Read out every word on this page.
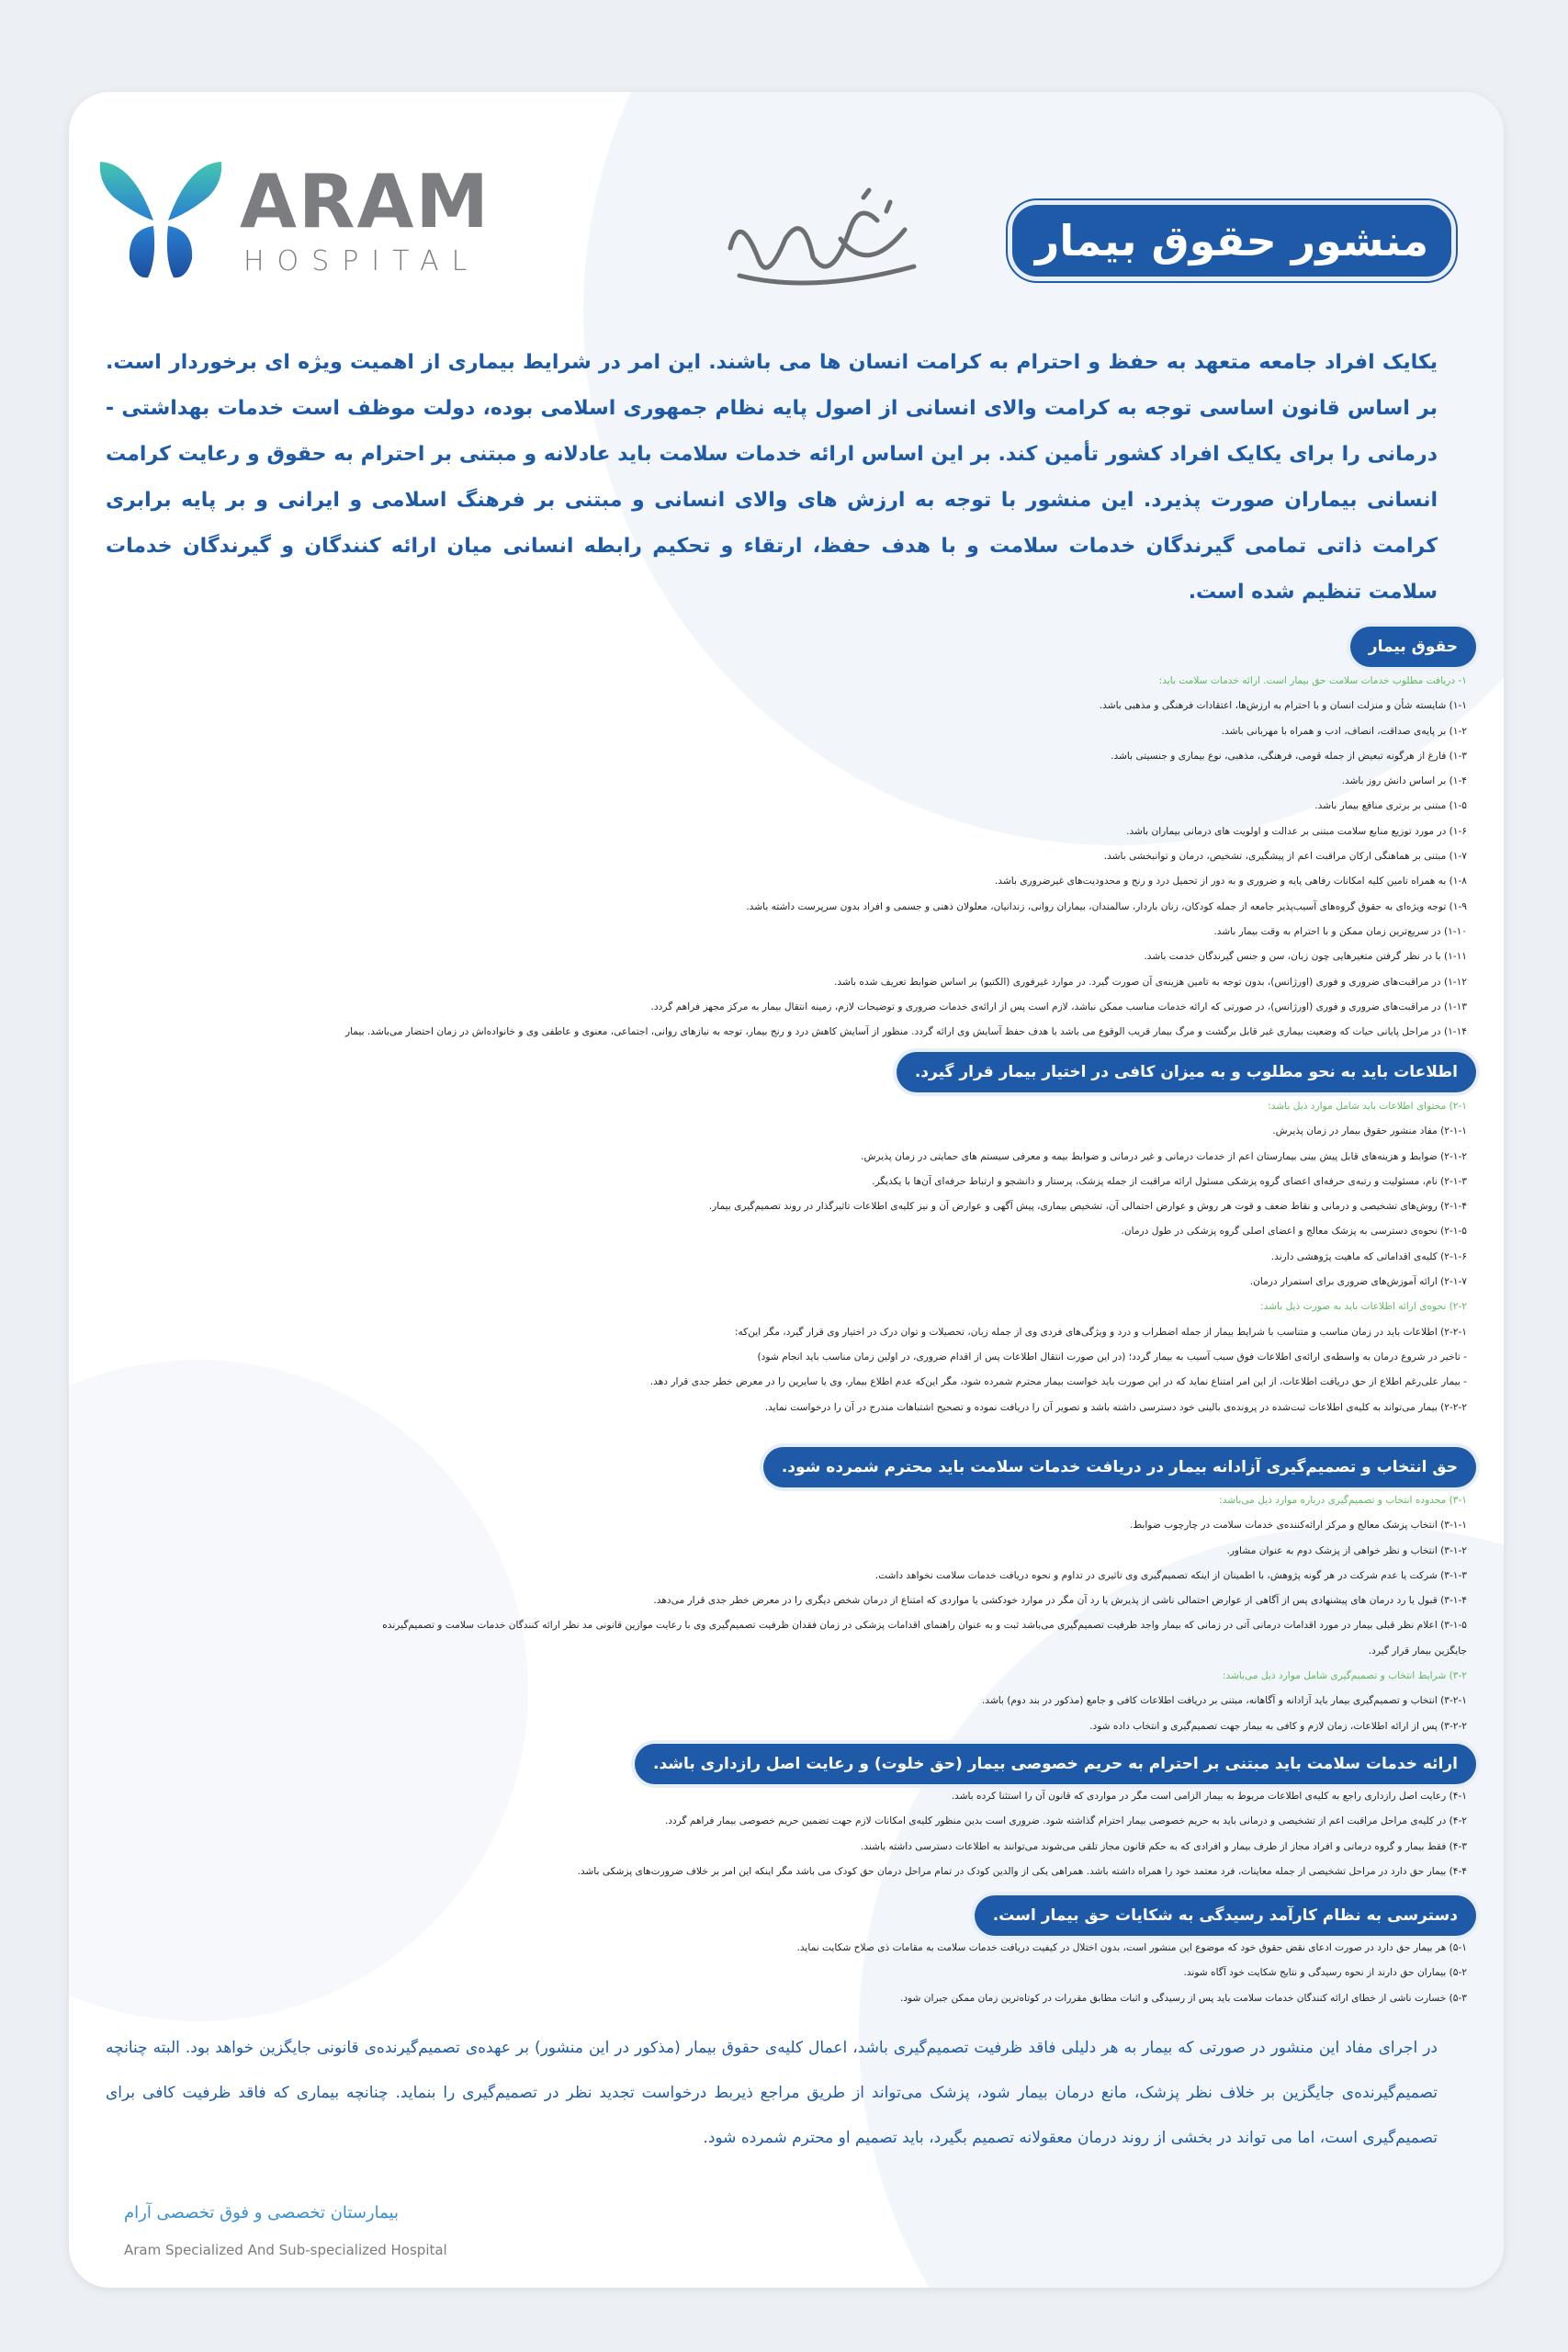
ARAM
HOSPITAL	منشور حقوق بیمار
یکایک افراد جامعه متعهد به حفظ و احترام به کرامت انسان ها می باشند. این امر در شرایط بیماری از اهمیت ویژه ای برخوردار است. بر اساس قانون اساسی توجه به کرامت والای انسانی از اصول پایه نظام جمهوری اسلامی بوده، دولت موظف است خدمات بهداشتی - درمانی را برای یکایک افراد کشور تأمین کند. بر این اساس ارائه خدمات سلامت باید عادلانه و مبتنی بر احترام به حقوق و رعایت کرامت انسانی بیماران صورت پذیرد. این منشور با توجه به ارزش های والای انسانی و مبتنی بر فرهنگ اسلامی و ایرانی و بر پایه برابری کرامت ذاتی تمامی گیرندگان خدمات سلامت و با هدف حفظ، ارتقاء و تحکیم رابطه انسانی میان ارائه کنندگان و گیرندگان خدمات سلامت تنظیم شده است.
حقوق بیمار
۱- دریافت مطلوب خدمات سلامت حق بیمار است. ارائه خدمات سلامت باید:
۱-۱) شایسته شأن و منزلت انسان و با احترام به ارزش‌ها، اعتقادات فرهنگی و مذهبی باشد.
۱-۲) بر پایه‌ی صداقت، انصاف، ادب و همراه با مهربانی باشد.
۱-۳) فارغ از هرگونه تبعیض از جمله قومی، فرهنگی، مذهبی، نوع بیماری و جنسیتی باشد.
۱-۴) بر اساس دانش روز باشد.
۱-۵) مبتنی بر برتری منافع بیمار باشد.
۱-۶) در مورد توزیع منابع سلامت مبتنی بر عدالت و اولویت های درمانی بیماران باشد.
۱-۷) مبتنی بر هماهنگی ارکان مراقبت اعم از پیشگیری، تشخیص، درمان و توانبخشی باشد.
۱-۸) به همراه تامین کلیه امکانات رفاهی پایه و ضروری و به دور از تحمیل درد و رنج و محدودیت‌های غیرضروری باشد.
۱-۹) توجه ویژه‌ای به حقوق گروه‌های آسیب‌پذیر جامعه از جمله کودکان، زنان باردار، سالمندان، بیماران روانی، زندانیان، معلولان ذهنی و جسمی و افراد بدون سرپرست داشته باشد.
۱-۱۰) در سریع‌ترین زمان ممکن و با احترام به وقت بیمار باشد.
۱-۱۱) با در نظر گرفتن متغیرهایی چون زبان، سن و جنس گیرندگان خدمت باشد.
۱-۱۲) در مراقبت‌های ضروری و فوری (اورژانس)، بدون توجه به تامین هزینه‌ی آن صورت گیرد. در موارد غیرفوری (الکتیو) بر اساس ضوابط تعریف شده باشد.
۱-۱۳) در مراقبت‌های ضروری و فوری (اورژانس)، در صورتی که ارائه خدمات مناسب ممکن نباشد، لازم است پس از ارائه‌ی خدمات ضروری و توضیحات لازم، زمینه انتقال بیمار به مرکز مجهز فراهم گردد.
۱-۱۴) در مراحل پایانی حیات که وضعیت بیماری غیر قابل برگشت و مرگ بیمار قریب الوقوع می باشد با هدف حفظ آسایش وی ارائه گردد. منظور از آسایش کاهش درد و رنج بیمار، توجه به نیازهای روانی، اجتماعی، معنوی و عاطفی وی و خانواده‌اش در زمان احتضار می‌باشد. بیمار
اطلاعات باید به نحو مطلوب و به میزان کافی در اختیار بیمار قرار گیرد.
۲-۱) محتوای اطلاعات باید شامل موارد ذیل باشد:
۲-۱-۱) مفاد منشور حقوق بیمار در زمان پذیرش.
۲-۱-۲) ضوابط و هزینه‌های قابل پیش بینی بیمارستان اعم از خدمات درمانی و غیر درمانی و ضوابط بیمه و معرفی سیستم های حمایتی در زمان پذیرش.
۲-۱-۳) نام، مسئولیت و رتبه‌ی حرفه‌ای اعضای گروه پزشکی مسئول ارائه مراقبت از جمله پزشک، پرستار و دانشجو و ارتباط حرفه‌ای آن‌ها با یکدیگر.
۲-۱-۴) روش‌های تشخیصی و درمانی و نقاط ضعف و قوت هر روش و عوارض احتمالی آن، تشخیص بیماری، پیش آگهی و عوارض آن و نیز کلیه‌ی اطلاعات تاثیرگذار در روند تصمیم‌گیری بیمار.
۲-۱-۵) نحوه‌ی دسترسی به پزشک معالج و اعضای اصلی گروه پزشکی در طول درمان.
۲-۱-۶) کلیه‌ی اقداماتی که ماهیت پژوهشی دارند.
۲-۱-۷) ارائه آموزش‌های ضروری برای استمرار درمان.
۲-۲) نحوه‌ی ارائه اطلاعات باید به صورت ذیل باشد:
۲-۲-۱) اطلاعات باید در زمان مناسب و متناسب با شرایط بیمار از جمله اضطراب و درد و ویژگی‌های فردی وی از جمله زبان، تحصیلات و توان درک در اختیار وی قرار گیرد، مگر این‌که:
- تاخیر در شروع درمان به واسطه‌ی ارائه‌ی اطلاعات فوق سبب آسیب به بیمار گردد؛ (در این صورت انتقال اطلاعات پس از اقدام ضروری، در اولین زمان مناسب باید انجام شود)
- بیمار علی‌رغم اطلاع از حق دریافت اطلاعات، از این امر امتناع نماید که در این صورت باید خواست بیمار محترم شمرده شود، مگر این‌که عدم اطلاع بیمار، وی یا سایرین را در معرض خطر جدی قرار دهد.
۲-۲-۲) بیمار می‌تواند به کلیه‌ی اطلاعات ثبت‌شده در پرونده‌ی بالینی خود دسترسی داشته باشد و تصویر آن را دریافت نموده و تصحیح اشتباهات مندرج در آن را درخواست نماید.
حق انتخاب و تصمیم‌گیری آزادانه بیمار در دریافت خدمات سلامت باید محترم شمرده شود.
۳-۱) محدوده انتخاب و تصمیم‌گیری درباره موارد ذیل می‌باشد:
۳-۱-۱) انتخاب پزشک معالج و مرکز ارائه‌کننده‌ی خدمات سلامت در چارچوب ضوابط.
۳-۱-۲) انتخاب و نظر خواهی از پزشک دوم به عنوان مشاور.
۳-۱-۳) شرکت یا عدم شرکت در هر گونه پژوهش، با اطمینان از اینکه تصمیم‌گیری وی تاثیری در تداوم و نحوه دریافت خدمات سلامت نخواهد داشت.
۳-۱-۴) قبول یا رد درمان های پیشنهادی پس از آگاهی از عوارض احتمالی ناشی از پذیرش یا رد آن مگر در موارد خودکشی یا مواردی که امتناع از درمان شخص دیگری را در معرض خطر جدی قرار می‌دهد.
۳-۱-۵) اعلام نظر قبلی بیمار در مورد اقدامات درمانی آتی در زمانی که بیمار واجد ظرفیت تصمیم‌گیری می‌باشد ثبت و به عنوان راهنمای اقدامات پزشکی در زمان فقدان ظرفیت تصمیم‌گیری وی با رعایت موازین قانونی مد نظر ارائه کنندگان خدمات سلامت و تصمیم‌گیرنده
جایگزین بیمار قرار گیرد.
۳-۲) شرایط انتخاب و تصمیم‌گیری شامل موارد ذیل می‌باشد:
۳-۲-۱) انتخاب و تصمیم‌گیری بیمار باید آزادانه و آگاهانه، مبتنی بر دریافت اطلاعات کافی و جامع (مذکور در بند دوم) باشد.
۳-۲-۲) پس از ارائه اطلاعات، زمان لازم و کافی به بیمار جهت تصمیم‌گیری و انتخاب داده شود.
ارائه خدمات سلامت باید مبتنی بر احترام به حریم خصوصی بیمار (حق خلوت) و رعایت اصل رازداری باشد.
۴-۱) رعایت اصل رازداری راجع به کلیه‌ی اطلاعات مربوط به بیمار الزامی است مگر در مواردی که قانون آن را استثنا کرده باشد.
۴-۲) در کلیه‌ی مراحل مراقبت اعم از تشخیصی و درمانی باید به حریم خصوصی بیمار احترام گذاشته شود. ضروری است بدین منظور کلیه‌ی امکانات لازم جهت تضمین حریم خصوصی بیمار فراهم گردد.
۴-۳) فقط بیمار و گروه درمانی و افراد مجاز از طرف بیمار و افرادی که به حکم قانون مجاز تلقی می‌شوند می‌توانند به اطلاعات دسترسی داشته باشند.
۴-۴) بیمار حق دارد در مراحل تشخیصی از جمله معاینات، فرد معتمد خود را همراه داشته باشد. همراهی یکی از والدین کودک در تمام مراحل درمان حق کودک می باشد مگر اینکه این امر بر خلاف ضرورت‌های پزشکی باشد.
دسترسی به نظام کارآمد رسیدگی به شکایات حق بیمار است.
۵-۱) هر بیمار حق دارد در صورت ادعای نقض حقوق خود که موضوع این منشور است، بدون اختلال در کیفیت دریافت خدمات سلامت به مقامات ذی صلاح شکایت نماید.
۵-۲) بیماران حق دارند از نحوه رسیدگی و نتایج شکایت خود آگاه شوند.
۵-۳) خسارت ناشی از خطای ارائه کنندگان خدمات سلامت باید پس از رسیدگی و اثبات مطابق مقررات در کوتاه‌ترین زمان ممکن جبران شود.
در اجرای مفاد این منشور در صورتی که بیمار به هر دلیلی فاقد ظرفیت تصمیم‌گیری باشد، اعمال کلیه‌ی حقوق بیمار (مذکور در این منشور) بر عهده‌ی تصمیم‌گیرنده‌ی قانونی جایگزین خواهد بود. البته چنانچه تصمیم‌گیرنده‌ی جایگزین بر خلاف نظر پزشک، مانع درمان بیمار شود، پزشک می‌تواند از طریق مراجع ذیربط درخواست تجدید نظر در تصمیم‌گیری را بنماید. چنانچه بیماری که فاقد ظرفیت کافی برای تصمیم‌گیری است، اما می تواند در بخشی از روند درمان معقولانه تصمیم بگیرد، باید تصمیم او محترم شمرده شود.
بیمارستان تخصصی و فوق تخصصی آرام
Aram Specialized And Sub-specialized Hospital
